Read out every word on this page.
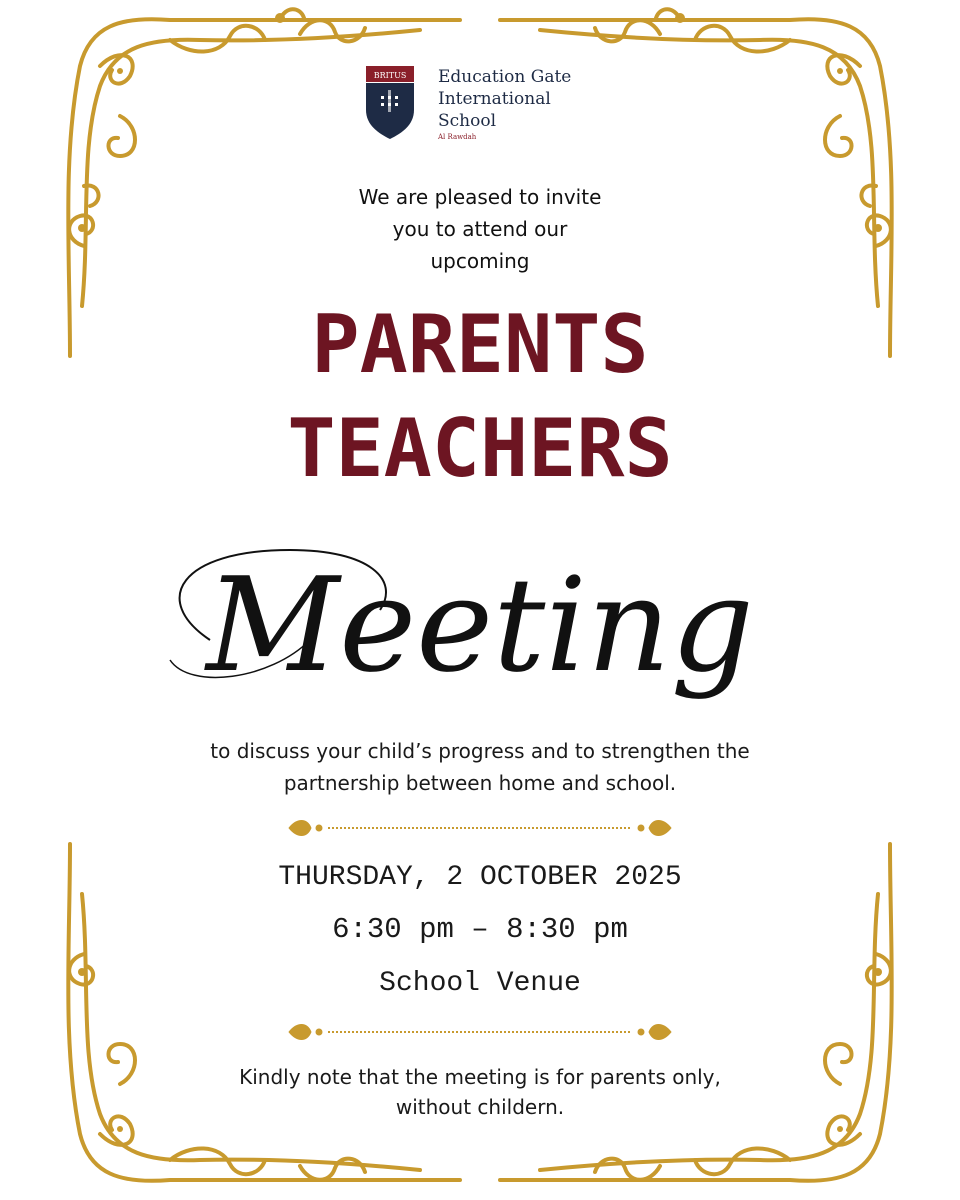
BRITUS Education Gate
International
School
Al Rawdah
We are pleased to invite
you to attend our
upcoming
PARENTS
TEACHERS
Meeting
to discuss your child’s progress and to strengthen the
partnership between home and school.
THURSDAY, 2 OCTOBER 2025
6:30 pm – 8:30 pm
School Venue
Kindly note that the meeting is for parents only,
without childern.
